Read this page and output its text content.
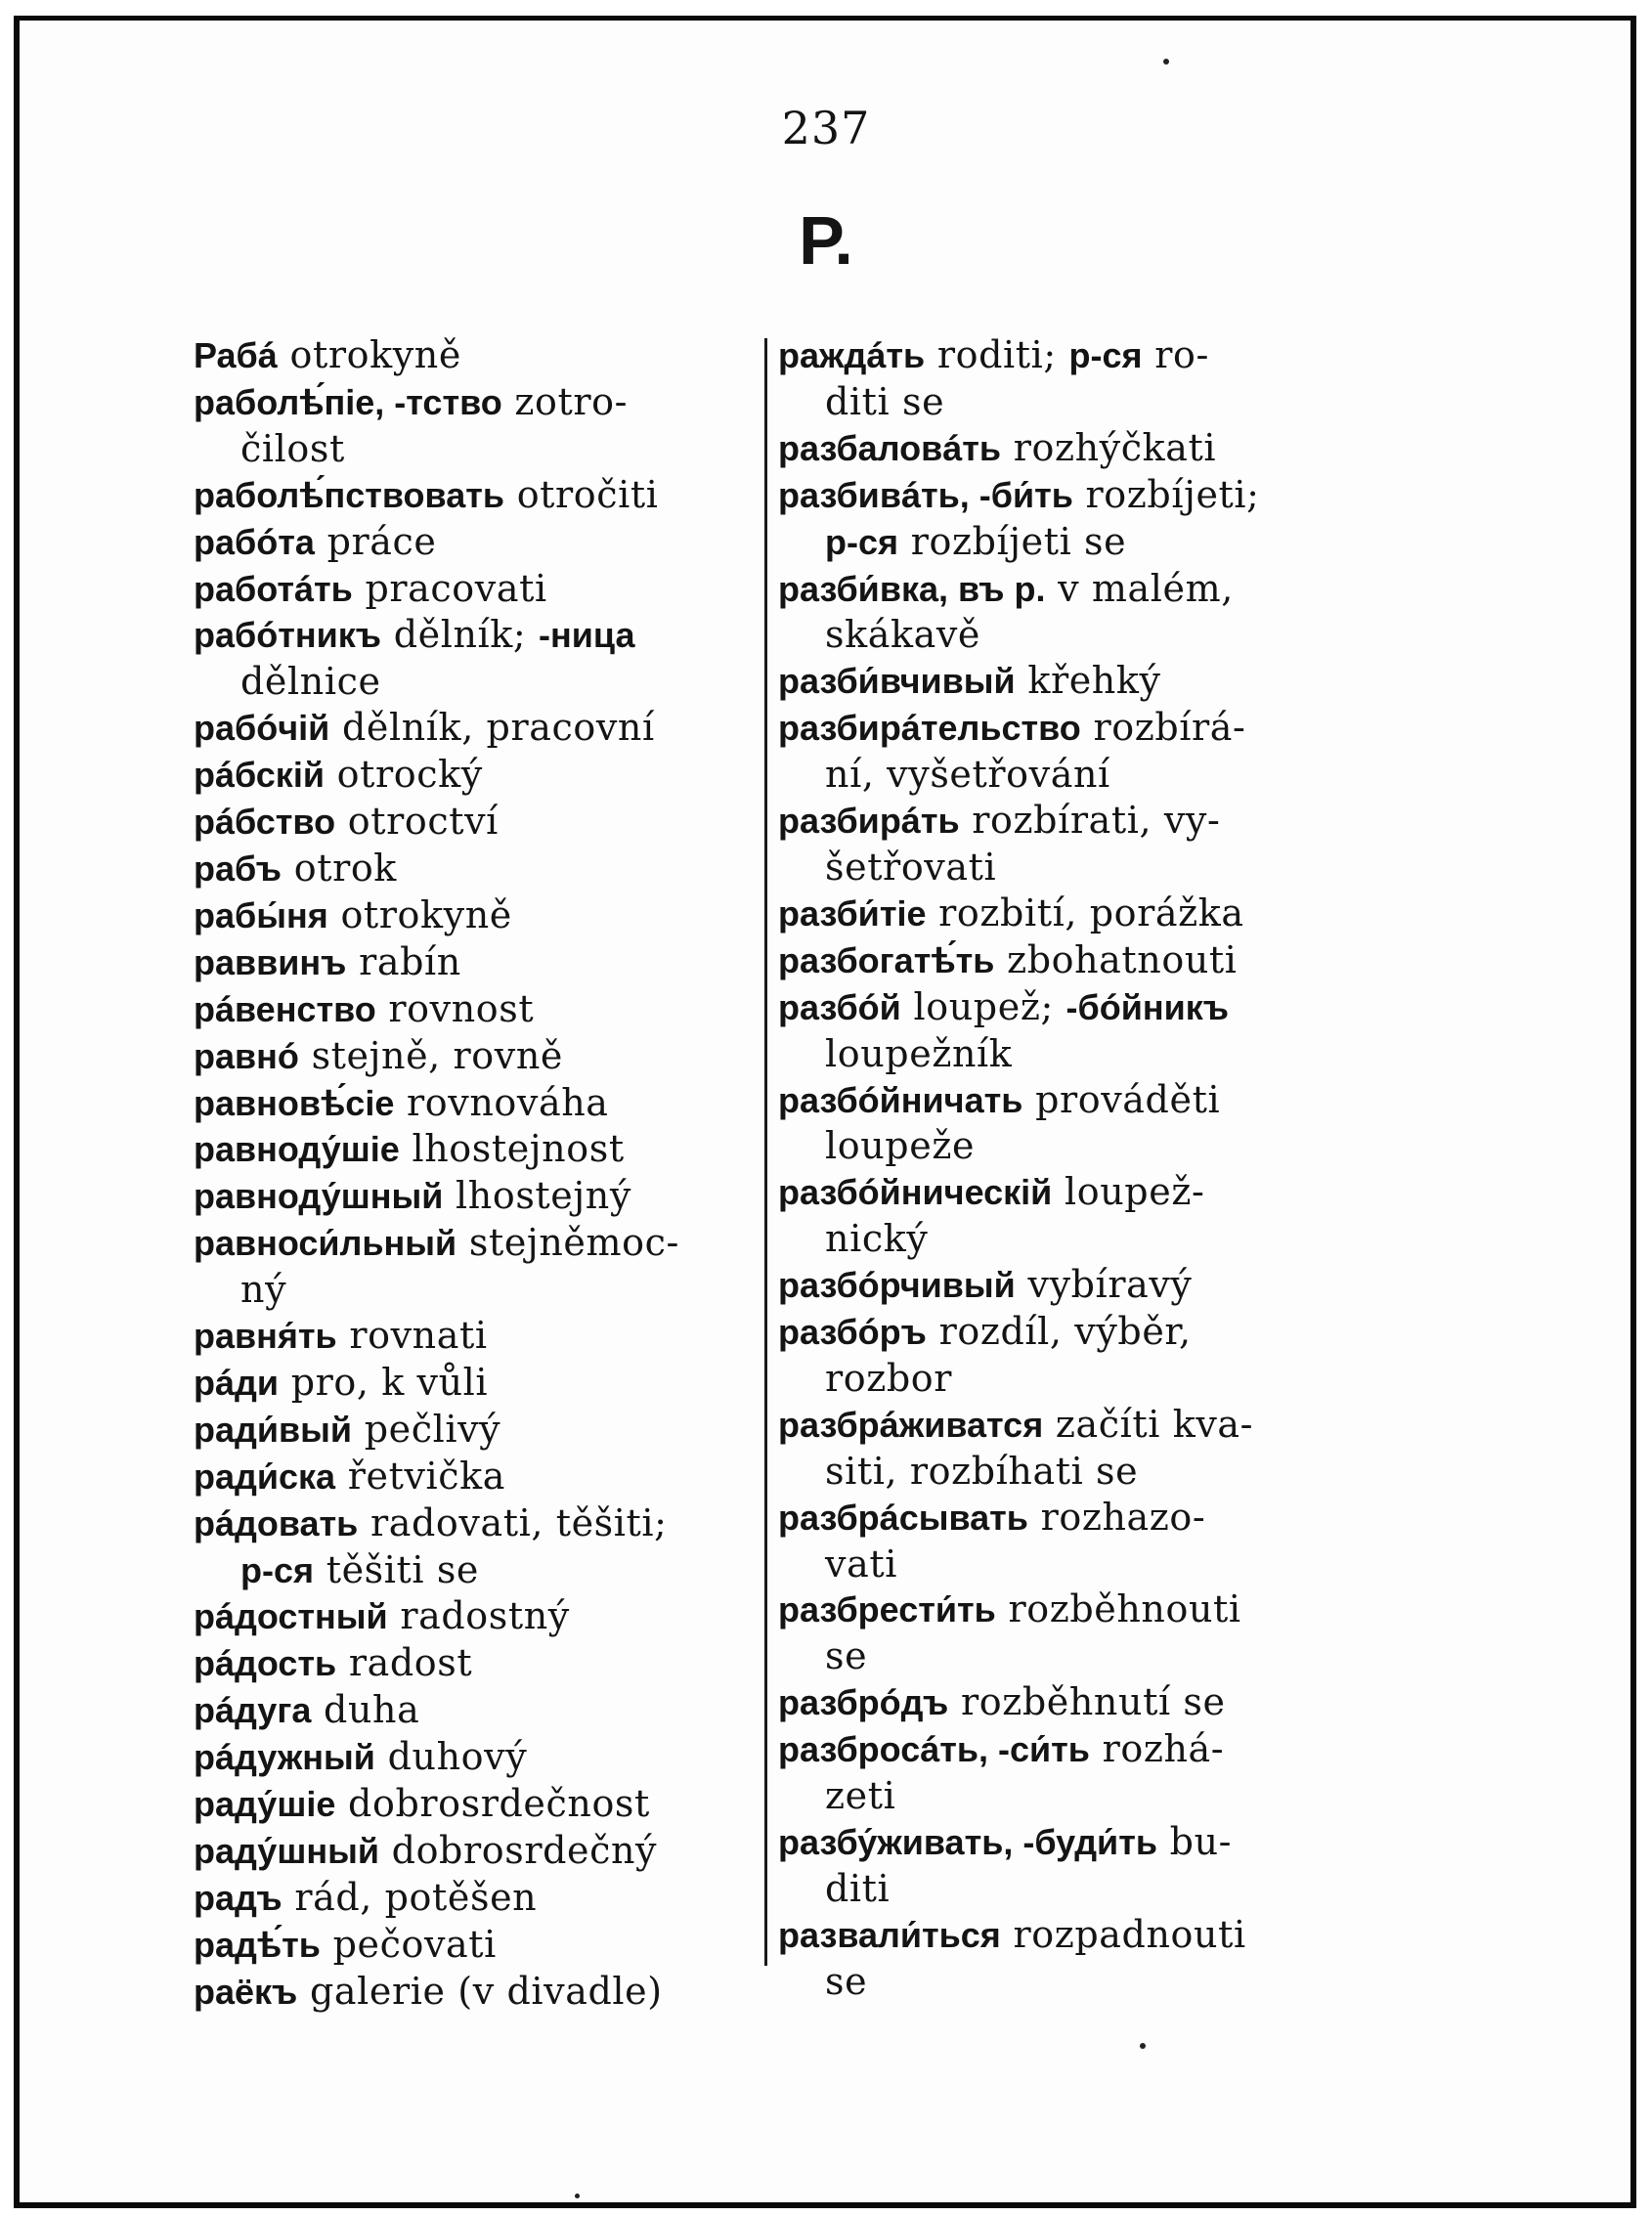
237
Р.
Рабá otrokyně
раболѣ́піе, -тство zotro-
čilost
раболѣ́пствовать otročiti
рабóта práce
работáть pracovati
рабóтникъ dělník; -ница
dělnice
рабóчій dělník, pracovní
рáбскій otrocký
рáбство otroctví
рабъ otrok
рабы́ня otrokyně
раввинъ rabín
рáвенство rovnost
равнó stejně, rovně
равновѣ́сіе rovnováha
равноду́шіе lhostejnost
равноду́шный lhostejný
равноси́льный stejněmoc-
ný
равня́ть rovnati
рáди pro, k vůli
ради́вый pečlivý
ради́ска řetvička
рáдовать radovati, těšiti;
р-ся těšiti se
рáдостный radostný
рáдость radost
рáдуга duha
рáдужный duhový
раду́шіе dobrosrdečnost
раду́шный dobrosrdečný
радъ rád, potěšen
радѣ́ть pečovati
раёкъ galerie (v divadle)
раждáть roditi; р-ся ro-
diti se
разбаловáть rozhýčkati
разбивáть, -би́ть rozbíjeti;
р-ся rozbíjeti se
разби́вка, въ р. v malém,
skákavě
разби́вчивый křehký
разбирáтельство rozbírá-
ní, vyšetřování
разбирáть rozbírati, vy-
šetřovati
разби́тіе rozbití, porážka
разбогатѣ́ть zbohatnouti
разбóй loupež; -бóйникъ
loupežník
разбóйничать prováděti
loupeže
разбóйническій loupež-
nický
разбóрчивый vybíravý
разбóръ rozdíl, výběr,
rozbor
разбрáживатся začíti kva-
siti, rozbíhati se
разбрáсывать rozhazo-
vati
разбрести́ть rozběhnouti
se
разбрóдъ rozběhnutí se
разбросáть, -си́ть rozhá-
zeti
разбу́живать, -буди́ть bu-
diti
развали́ться rozpadnouti
se
